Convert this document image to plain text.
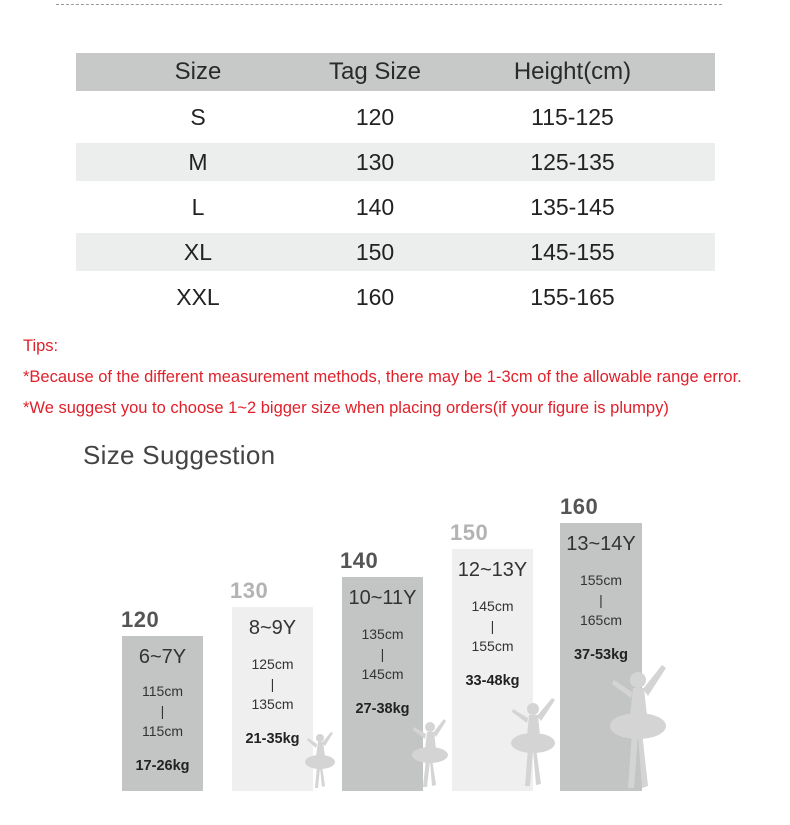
Size	Tag Size	Height(cm)
S	120	115-125
M	130	125-135
L	140	135-145
XL	150	145-155
XXL	160	155-165
Tips:
*Because of the different measurement methods, there may be 1-3cm of the allowable range error.
*We suggest you to choose 1~2 bigger size when placing orders(if your figure is plumpy)
Size Suggestion
120
6~7Y
115cm
|
115cm
17-26kg
130
8~9Y
125cm
|
135cm
21-35kg
140
10~11Y
135cm
|
145cm
27-38kg
150
12~13Y
145cm
|
155cm
33-48kg
160
13~14Y
155cm
|
165cm
37-53kg
